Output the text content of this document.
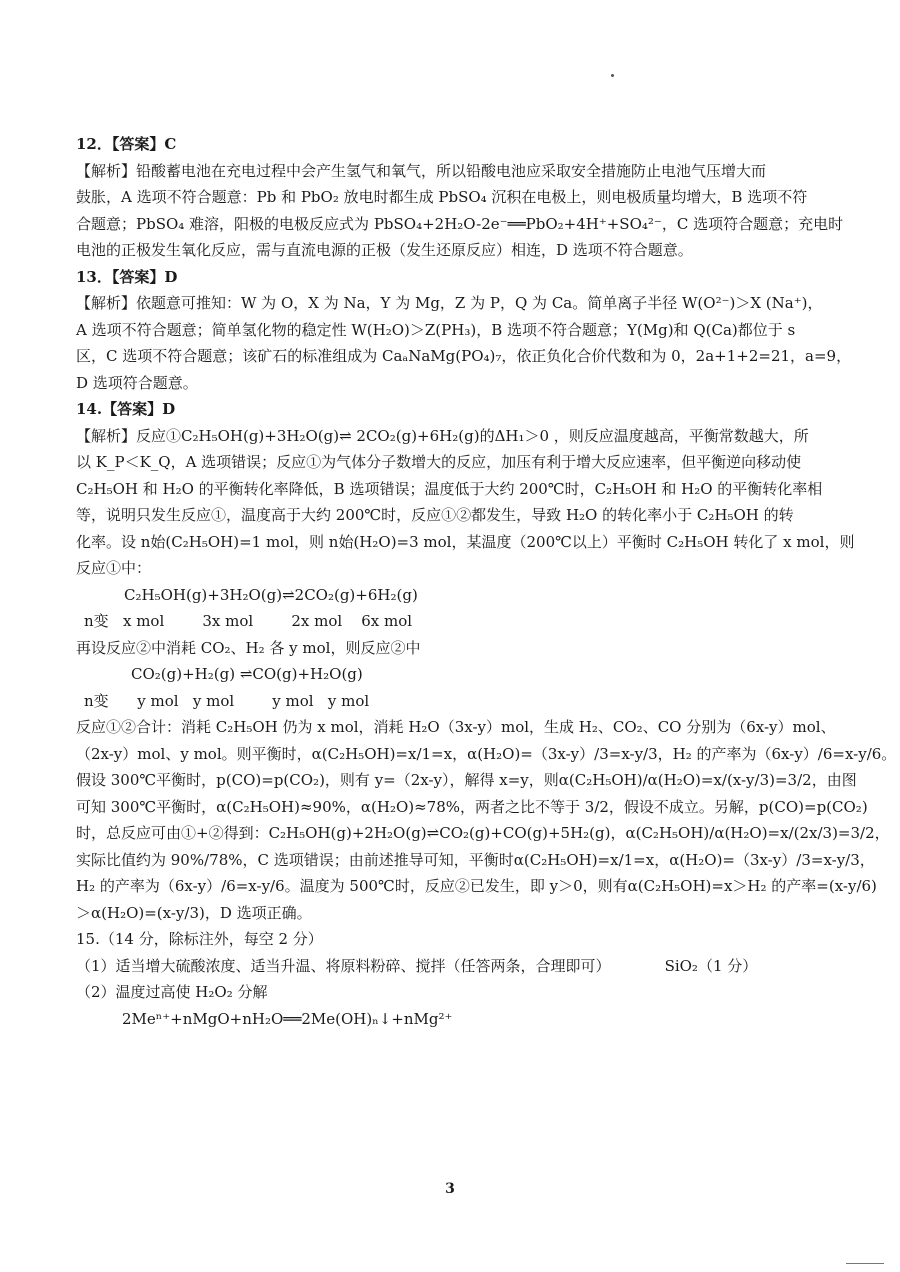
12．【答案】C
【解析】铅酸蓄电池在充电过程中会产生氢气和氧气，所以铅酸电池应采取安全措施防止电池气压增大而
鼓胀，A 选项不符合题意：Pb 和 PbO₂ 放电时都生成 PbSO₄ 沉积在电极上，则电极质量均增大，B 选项不符
合题意；PbSO₄ 难溶，阳极的电极反应式为 PbSO₄+2H₂O-2e⁻══PbO₂+4H⁺+SO₄²⁻，C 选项符合题意；充电时
电池的正极发生氧化反应，需与直流电源的正极（发生还原反应）相连，D 选项不符合题意。
13．【答案】D
【解析】依题意可推知：W 为 O，X 为 Na，Y 为 Mg，Z 为 P，Q 为 Ca。简单离子半径 W(O²⁻)＞X (Na⁺)，
A 选项不符合题意；简单氢化物的稳定性 W(H₂O)＞Z(PH₃)，B 选项不符合题意；Y(Mg)和 Q(Ca)都位于 s
区，C 选项不符合题意；该矿石的标准组成为 CaₐNaMg(PO₄)₇，依正负化合价代数和为 0，2a+1+2=21，a=9，
D 选项符合题意。
14.【答案】D
【解析】反应①C₂H₅OH(g)+3H₂O(g)⇌ 2CO₂(g)+6H₂(g)的ΔH₁＞0 ，则反应温度越高，平衡常数越大，所
以 K_P＜K_Q，A 选项错误；反应①为气体分子数增大的反应，加压有利于增大反应速率，但平衡逆向移动使
C₂H₅OH 和 H₂O 的平衡转化率降低，B 选项错误；温度低于大约 200℃时，C₂H₅OH 和 H₂O 的平衡转化率相
等，说明只发生反应①，温度高于大约 200℃时，反应①②都发生，导致 H₂O 的转化率小于 C₂H₅OH 的转
化率。设 n始(C₂H₅OH)=1 mol，则 n始(H₂O)=3 mol，某温度（200℃以上）平衡时 C₂H₅OH 转化了 x mol，则
反应①中：
C₂H₅OH(g)+3H₂O(g)⇌2CO₂(g)+6H₂(g)
n变   x mol        3x mol        2x mol    6x mol
再设反应②中消耗 CO₂、H₂ 各 y mol，则反应②中
CO₂(g)+H₂(g) ⇌CO(g)+H₂O(g)
n变      y mol   y mol        y mol   y mol
反应①②合计：消耗 C₂H₅OH 仍为 x mol，消耗 H₂O（3x-y）mol，生成 H₂、CO₂、CO 分别为（6x-y）mol、
（2x-y）mol、y mol。则平衡时，α(C₂H₅OH)=x/1=x，α(H₂O)=（3x-y）/3=x-y/3，H₂ 的产率为（6x-y）/6=x-y/6。
假设 300℃平衡时，p(CO)=p(CO₂)，则有 y=（2x-y），解得 x=y，则α(C₂H₅OH)/α(H₂O)=x/(x-y/3)=3/2，由图
可知 300℃平衡时，α(C₂H₅OH)≈90%，α(H₂O)≈78%，两者之比不等于 3/2，假设不成立。另解，p(CO)=p(CO₂)
时，总反应可由①+②得到：C₂H₅OH(g)+2H₂O(g)⇌CO₂(g)+CO(g)+5H₂(g)，α(C₂H₅OH)/α(H₂O)=x/(2x/3)=3/2，
实际比值约为 90%/78%，C 选项错误；由前述推导可知，平衡时α(C₂H₅OH)=x/1=x，α(H₂O)=（3x-y）/3=x-y/3，
H₂ 的产率为（6x-y）/6=x-y/6。温度为 500℃时，反应②已发生，即 y＞0，则有α(C₂H₅OH)=x＞H₂ 的产率=(x-y/6)
＞α(H₂O)=(x-y/3)，D 选项正确。
15.（14 分，除标注外，每空 2 分）
（1）适当增大硫酸浓度、适当升温、将原料粉碎、搅拌（任答两条，合理即可）	SiO₂（1 分）
（2）温度过高使 H₂O₂ 分解
2Meⁿ⁺+nMgO+nH₂O══2Me(OH)ₙ↓+nMg²⁺
3
